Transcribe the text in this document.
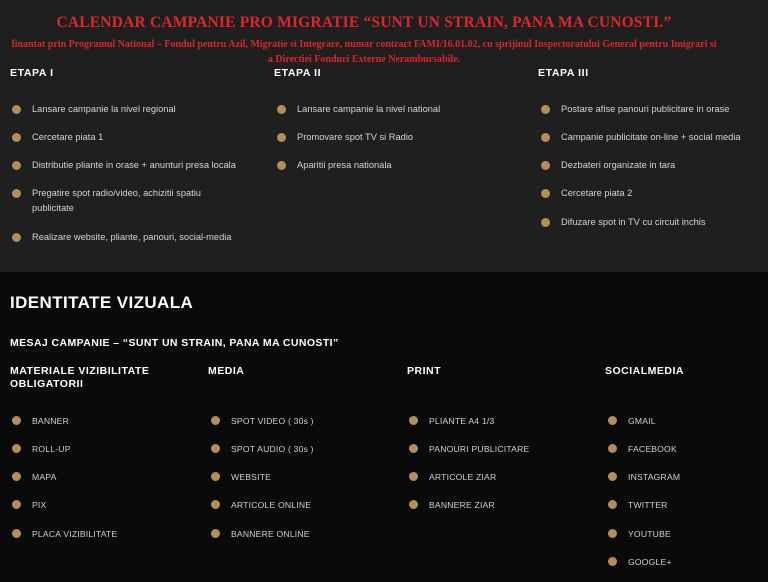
CALENDAR CAMPANIE PRO MIGRATIE “SUNT UN STRAIN, PANA MA CUNOSTI.”
finantat prin Programul National – Fondul pentru Azil, Migratie si Integrare, numar contract FAMI/16.01.02, cu sprijinul Inspectoratului General pentru Imigrari si a Directiei Fonduri Externe Nerambursabile.
ETAPA I
Lansare campanie la nivel regional
Cercetare piata 1
Distributie pliante in orase + anunturi presa locala
Pregatire spot radio/video, achizitii spatiu publicitate
Realizare website, pliante, panouri, social-media
ETAPA II
Lansare campanie la nivel national
Promovare spot TV si Radio
Aparitii presa nationala
ETAPA III
Postare afise panouri publicitare in orase
Campanie publicitate on-line + social media
Dezbateri organizate in tara
Cercetare piata 2
Difuzare spot in TV cu circuit inchis
IDENTITATE VIZUALA
MESAJ CAMPANIE – “SUNT UN STRAIN, PANA MA CUNOSTI”
MATERIALE VIZIBILITATE OBLIGATORII
MEDIA	PRINT	SOCIALMEDIA
BANNER
ROLL-UP
MAPA
PIX
PLACA VIZIBILITATE
SPOT VIDEO ( 30s )
SPOT AUDIO ( 30s )
WEBSITE
ARTICOLE ONLINE
BANNERE ONLINE
PLIANTE A4 1/3
PANOURI PUBLICITARE
ARTICOLE ZIAR
BANNERE ZIAR
GMAIL
FACEBOOK
INSTAGRAM
TWITTER
YOUTUBE
GOOGLE+
